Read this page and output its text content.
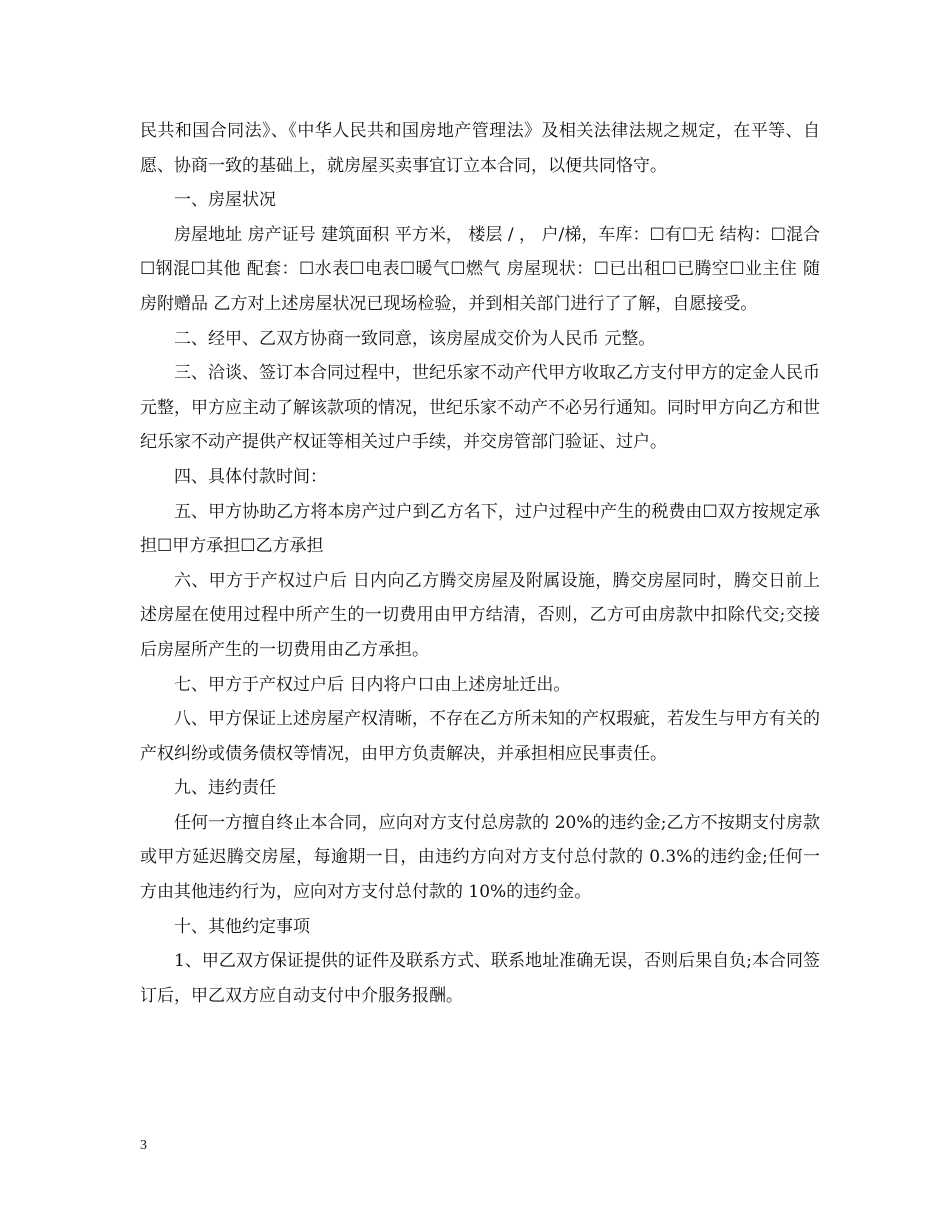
民共和国合同法》、《中华人民共和国房地产管理法》及相关法律法规之规定，在平等、自愿、协商一致的基础上，就房屋买卖事宜订立本合同，以便共同恪守。

一、房屋状况

房屋地址 房产证号 建筑面积 平方米， 楼层 / ， 户/梯，车库：☐有☐无 结构：☐混合☐钢混☐其他 配套：☐水表☐电表☐暖气☐燃气 房屋现状：☐已出租☐已腾空☐业主住 随房附赠品 乙方对上述房屋状况已现场检验，并到相关部门进行了了解，自愿接受。

二、经甲、乙双方协商一致同意，该房屋成交价为人民币 元整。

三、洽谈、签订本合同过程中，世纪乐家不动产代甲方收取乙方支付甲方的定金人民币 元整，甲方应主动了解该款项的情况，世纪乐家不动产不必另行通知。同时甲方向乙方和世纪乐家不动产提供产权证等相关过户手续，并交房管部门验证、过户。

四、具体付款时间：

五、甲方协助乙方将本房产过户到乙方名下，过户过程中产生的税费由☐双方按规定承担☐甲方承担☐乙方承担

六、甲方于产权过户后 日内向乙方腾交房屋及附属设施，腾交房屋同时，腾交日前上述房屋在使用过程中所产生的一切费用由甲方结清，否则，乙方可由房款中扣除代交;交接后房屋所产生的一切费用由乙方承担。

七、甲方于产权过户后 日内将户口由上述房址迁出。

八、甲方保证上述房屋产权清晰，不存在乙方所未知的产权瑕疵，若发生与甲方有关的产权纠纷或债务债权等情况，由甲方负责解决，并承担相应民事责任。

九、违约责任

任何一方擅自终止本合同，应向对方支付总房款的 20%的违约金;乙方不按期支付房款或甲方延迟腾交房屋，每逾期一日，由违约方向对方支付总付款的 0.3%的违约金;任何一方由其他违约行为，应向对方支付总付款的 10%的违约金。

十、其他约定事项

1、甲乙双方保证提供的证件及联系方式、联系地址准确无误，否则后果自负;本合同签订后，甲乙双方应自动支付中介服务报酬。

3
